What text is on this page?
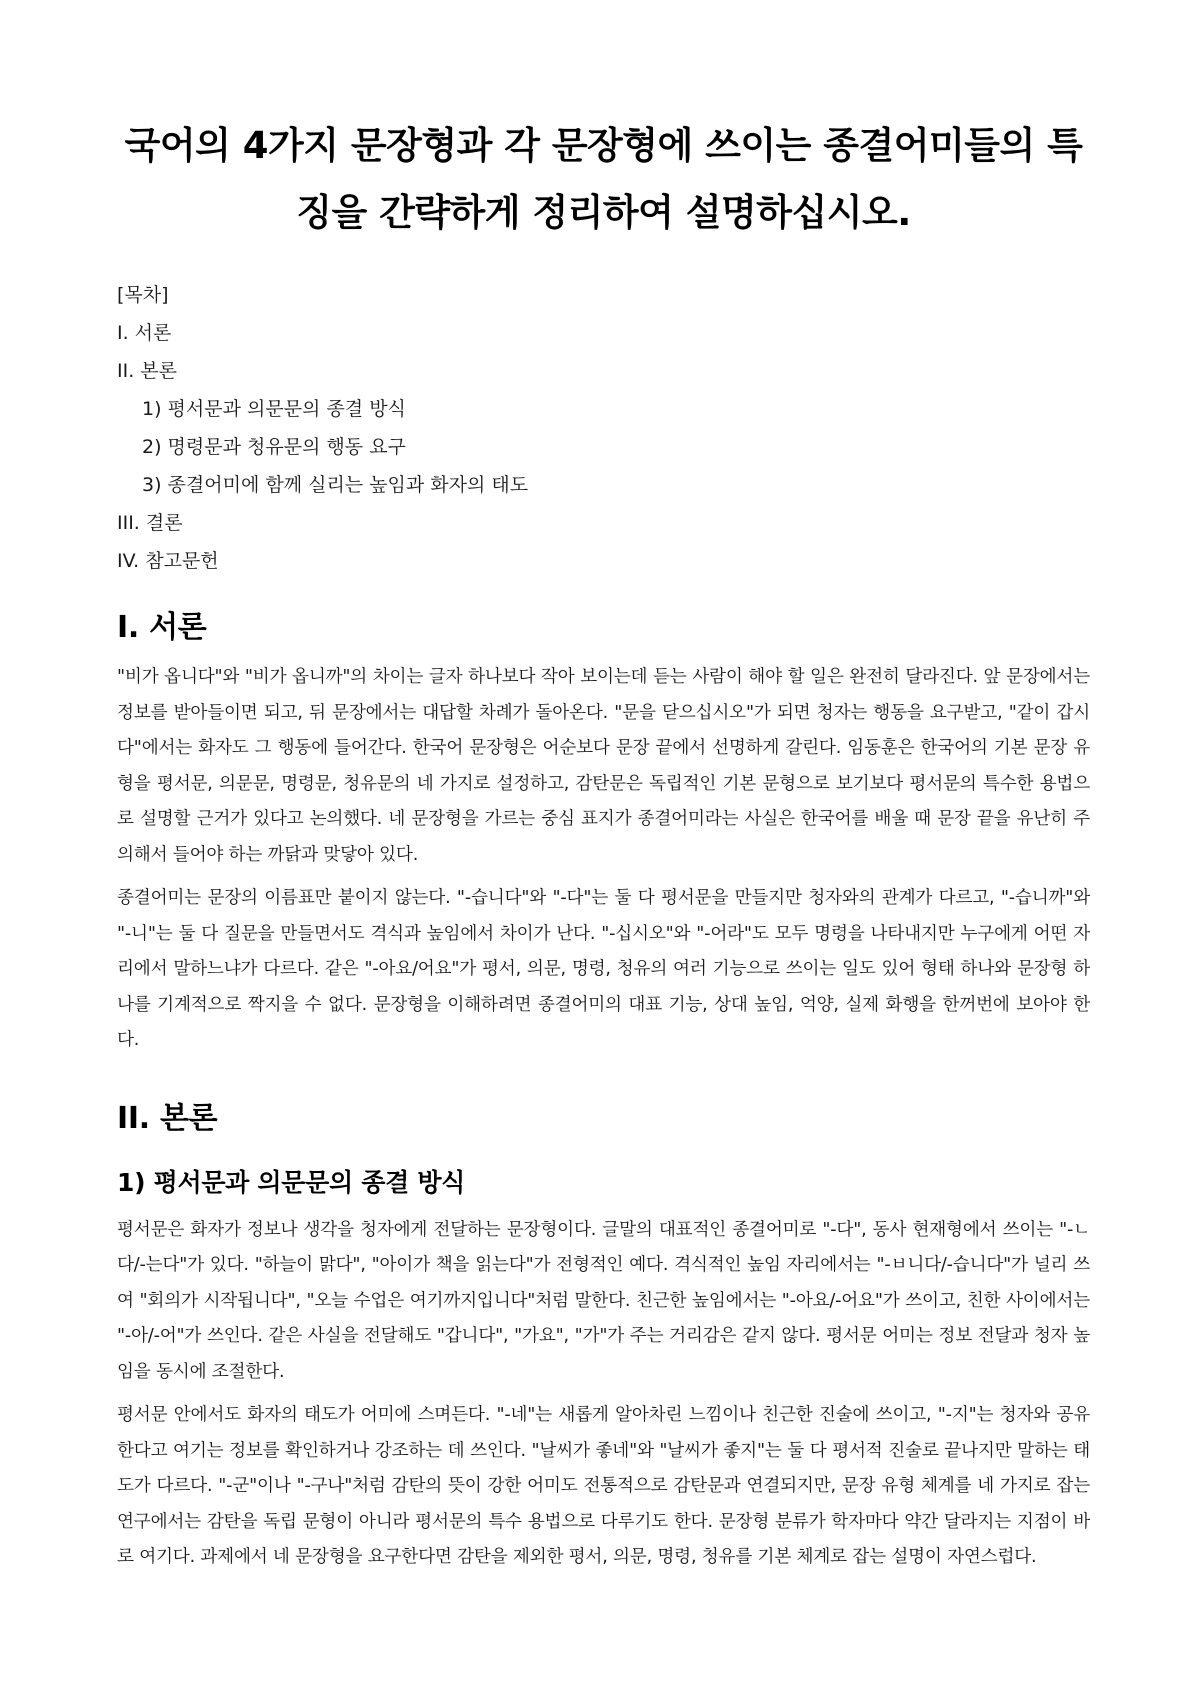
국어의 4가지 문장형과 각 문장형에 쓰이는 종결어미들의 특징을 간략하게 정리하여 설명하십시오.
[목차]
I. 서론
II. 본론
1) 평서문과 의문문의 종결 방식
2) 명령문과 청유문의 행동 요구
3) 종결어미에 함께 실리는 높임과 화자의 태도
III. 결론
IV. 참고문헌
I. 서론

"비가 옵니다"와 "비가 옵니까"의 차이는 글자 하나보다 작아 보이는데 듣는 사람이 해야 할 일은 완전히 달라진다. 앞 문장에서는 정보를 받아들이면 되고, 뒤 문장에서는 대답할 차례가 돌아온다. "문을 닫으십시오"가 되면 청자는 행동을 요구받고, "같이 갑시다"에서는 화자도 그 행동에 들어간다. 한국어 문장형은 어순보다 문장 끝에서 선명하게 갈린다. 임동훈은 한국어의 기본 문장 유형을 평서문, 의문문, 명령문, 청유문의 네 가지로 설정하고, 감탄문은 독립적인 기본 문형으로 보기보다 평서문의 특수한 용법으로 설명할 근거가 있다고 논의했다. 네 문장형을 가르는 중심 표지가 종결어미라는 사실은 한국어를 배울 때 문장 끝을 유난히 주의해서 들어야 하는 까닭과 맞닿아 있다.

종결어미는 문장의 이름표만 붙이지 않는다. "-습니다"와 "-다"는 둘 다 평서문을 만들지만 청자와의 관계가 다르고, "-습니까"와 "-니"는 둘 다 질문을 만들면서도 격식과 높임에서 차이가 난다. "-십시오"와 "-어라"도 모두 명령을 나타내지만 누구에게 어떤 자리에서 말하느냐가 다르다. 같은 "-아요/어요"가 평서, 의문, 명령, 청유의 여러 기능으로 쓰이는 일도 있어 형태 하나와 문장형 하나를 기계적으로 짝지을 수 없다. 문장형을 이해하려면 종결어미의 대표 기능, 상대 높임, 억양, 실제 화행을 한꺼번에 보아야 한다.

II. 본론
1) 평서문과 의문문의 종결 방식

평서문은 화자가 정보나 생각을 청자에게 전달하는 문장형이다. 글말의 대표적인 종결어미로 "-다", 동사 현재형에서 쓰이는 "-ㄴ다/-는다"가 있다. "하늘이 맑다", "아이가 책을 읽는다"가 전형적인 예다. 격식적인 높임 자리에서는 "-ㅂ니다/-습니다"가 널리 쓰여 "회의가 시작됩니다", "오늘 수업은 여기까지입니다"처럼 말한다. 친근한 높임에서는 "-아요/-어요"가 쓰이고, 친한 사이에서는 "-아/-어"가 쓰인다. 같은 사실을 전달해도 "갑니다", "가요", "가"가 주는 거리감은 같지 않다. 평서문 어미는 정보 전달과 청자 높임을 동시에 조절한다.

평서문 안에서도 화자의 태도가 어미에 스며든다. "-네"는 새롭게 알아차린 느낌이나 친근한 진술에 쓰이고, "-지"는 청자와 공유한다고 여기는 정보를 확인하거나 강조하는 데 쓰인다. "날씨가 좋네"와 "날씨가 좋지"는 둘 다 평서적 진술로 끝나지만 말하는 태도가 다르다. "-군"이나 "-구나"처럼 감탄의 뜻이 강한 어미도 전통적으로 감탄문과 연결되지만, 문장 유형 체계를 네 가지로 잡는 연구에서는 감탄을 독립 문형이 아니라 평서문의 특수 용법으로 다루기도 한다. 문장형 분류가 학자마다 약간 달라지는 지점이 바로 여기다. 과제에서 네 문장형을 요구한다면 감탄을 제외한 평서, 의문, 명령, 청유를 기본 체계로 잡는 설명이 자연스럽다.
